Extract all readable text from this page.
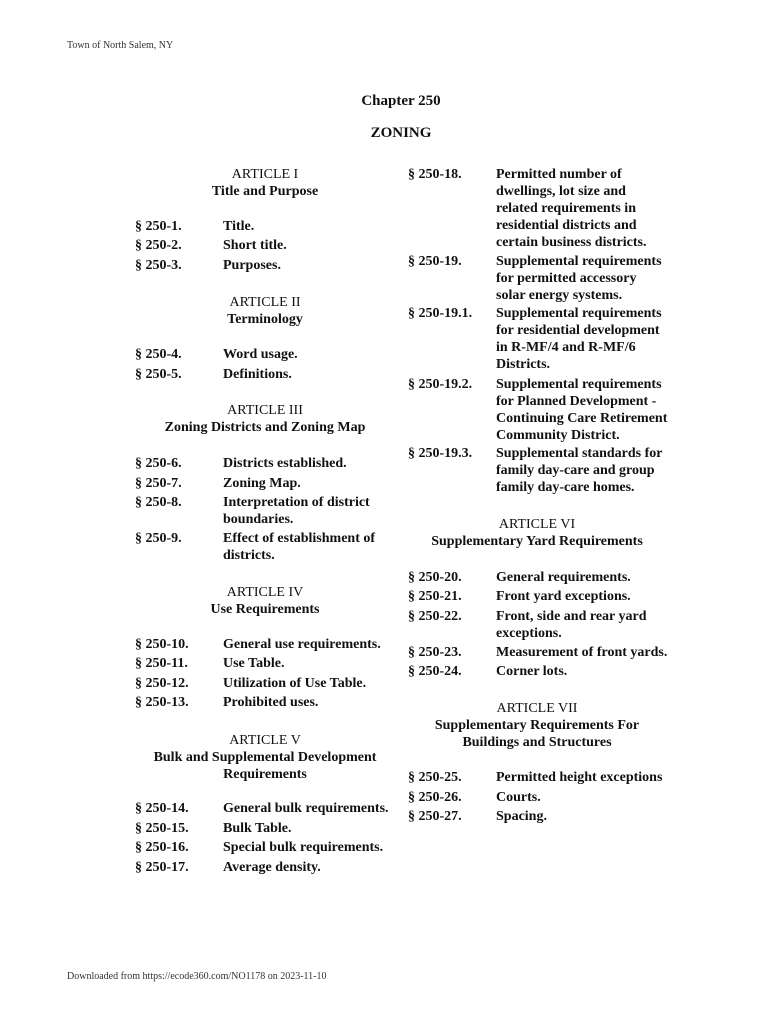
Town of North Salem, NY
Chapter 250
ZONING
ARTICLE I
Title and Purpose
§ 250-1.	Title.
§ 250-2.	Short title.
§ 250-3.	Purposes.
ARTICLE II
Terminology
§ 250-4.	Word usage.
§ 250-5.	Definitions.
ARTICLE III
Zoning Districts and Zoning Map
§ 250-6.	Districts established.
§ 250-7.	Zoning Map.
§ 250-8.	Interpretation of district boundaries.
§ 250-9.	Effect of establishment of districts.
ARTICLE IV
Use Requirements
§ 250-10. General use requirements.
§ 250-11.	Use Table.
§ 250-12. Utilization of Use Table.
§ 250-13. Prohibited uses.
ARTICLE V
Bulk and Supplemental Development Requirements
§ 250-14. General bulk requirements.
§ 250-15. Bulk Table.
§ 250-16. Special bulk requirements.
§ 250-17. Average density.
§ 250-18. Permitted number of dwellings, lot size and related requirements in residential districts and certain business districts.
§ 250-19. Supplemental requirements for permitted accessory solar energy systems.
§ 250-19.1. Supplemental requirements for residential development in R-MF/4 and R-MF/6 Districts.
§ 250-19.2. Supplemental requirements for Planned Development - Continuing Care Retirement Community District.
§ 250-19.3. Supplemental standards for family day-care and group family day-care homes.
ARTICLE VI
Supplementary Yard Requirements
§ 250-20. General requirements.
§ 250-21. Front yard exceptions.
§ 250-22. Front, side and rear yard exceptions.
§ 250-23. Measurement of front yards.
§ 250-24. Corner lots.
ARTICLE VII
Supplementary Requirements For Buildings and Structures
§ 250-25. Permitted height exceptions
§ 250-26. Courts.
§ 250-27. Spacing.
Downloaded from https://ecode360.com/NO1178 on 2023-11-10
